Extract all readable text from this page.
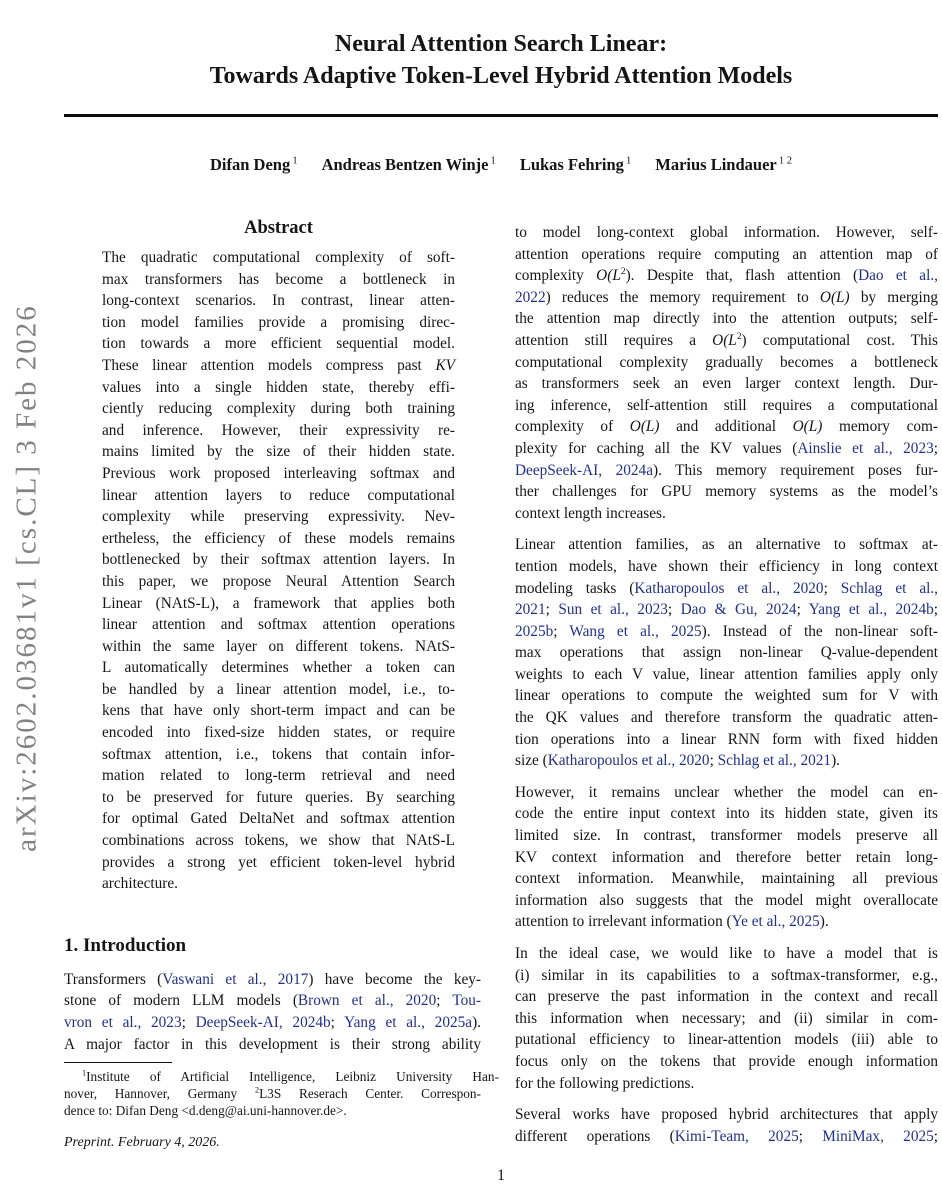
arXiv:2602.03681v1 [cs.CL] 3 Feb 2026
Neural Attention Search Linear:
Towards Adaptive Token-Level Hybrid Attention Models
Difan Deng $^1$ Andreas Bentzen Winje $^1$ Lukas Fehring $^1$ Marius Lindauer $^{1 2}$
Abstract
The quadratic computational complexity of soft-
max transformers has become a bottleneck in
long-context scenarios. In contrast, linear atten-
tion model families provide a promising direc-
tion towards a more efficient sequential model.
These linear attention models compress past KV
values into a single hidden state, thereby effi-
ciently reducing complexity during both training
and inference. However, their expressivity re-
mains limited by the size of their hidden state.
Previous work proposed interleaving softmax and
linear attention layers to reduce computational
complexity while preserving expressivity. Nev-
ertheless, the efficiency of these models remains
bottlenecked by their softmax attention layers. In
this paper, we propose Neural Attention Search
Linear (NAtS-L), a framework that applies both
linear attention and softmax attention operations
within the same layer on different tokens. NAtS-
L automatically determines whether a token can
be handled by a linear attention model, i.e., to-
kens that have only short-term impact and can be
encoded into fixed-size hidden states, or require
softmax attention, i.e., tokens that contain infor-
mation related to long-term retrieval and need
to be preserved for future queries. By searching
for optimal Gated DeltaNet and softmax attention
combinations across tokens, we show that NAtS-L
provides a strong yet efficient token-level hybrid
architecture.
1. Introduction
Transformers (Vaswani et al., 2017) have become the key-
stone of modern LLM models (Brown et al., 2020; Tou-
vron et al., 2023; DeepSeek-AI, 2024b; Yang et al., 2025a).
A major factor in this development is their strong ability
to model long-context global information. However, self-
attention operations require computing an attention map of
complexity $O(L^2)$. Despite that, flash attention (Dao et al.,
2022) reduces the memory requirement to O(L) by merging
the attention map directly into the attention outputs; self-
attention still requires a $O(L^2)$ computational cost. This
computational complexity gradually becomes a bottleneck
as transformers seek an even larger context length. Dur-
ing inference, self-attention still requires a computational
complexity of O(L) and additional O(L) memory com-
plexity for caching all the KV values (Ainslie et al., 2023;
DeepSeek-AI, 2024a). This memory requirement poses fur-
ther challenges for GPU memory systems as the model’s
context length increases.
Linear attention families, as an alternative to softmax at-
tention models, have shown their efficiency in long context
modeling tasks (Katharopoulos et al., 2020; Schlag et al.,
2021; Sun et al., 2023; Dao & Gu, 2024; Yang et al., 2024b;
2025b; Wang et al., 2025). Instead of the non-linear soft-
max operations that assign non-linear Q-value-dependent
weights to each V value, linear attention families apply only
linear operations to compute the weighted sum for V with
the QK values and therefore transform the quadratic atten-
tion operations into a linear RNN form with fixed hidden
size (Katharopoulos et al., 2020; Schlag et al., 2021).
However, it remains unclear whether the model can en-
code the entire input context into its hidden state, given its
limited size. In contrast, transformer models preserve all
KV context information and therefore better retain long-
context information. Meanwhile, maintaining all previous
information also suggests that the model might overallocate
attention to irrelevant information (Ye et al., 2025).
In the ideal case, we would like to have a model that is
(i) similar in its capabilities to a softmax-transformer, e.g.,
can preserve the past information in the context and recall
this information when necessary; and (ii) similar in com-
putational efficiency to linear-attention models (iii) able to
focus only on the tokens that provide enough information
for the following predictions.
Several works have proposed hybrid architectures that apply
different operations (Kimi-Team, 2025; MiniMax, 2025;
$^1$Institute of Artificial Intelligence, Leibniz University Han-
nover, Hannover, Germany $^2$L3S Reserach Center. Correspon-
dence to: Difan Deng <d.deng@ai.uni-hannover.de>.
Preprint. February 4, 2026.
1
